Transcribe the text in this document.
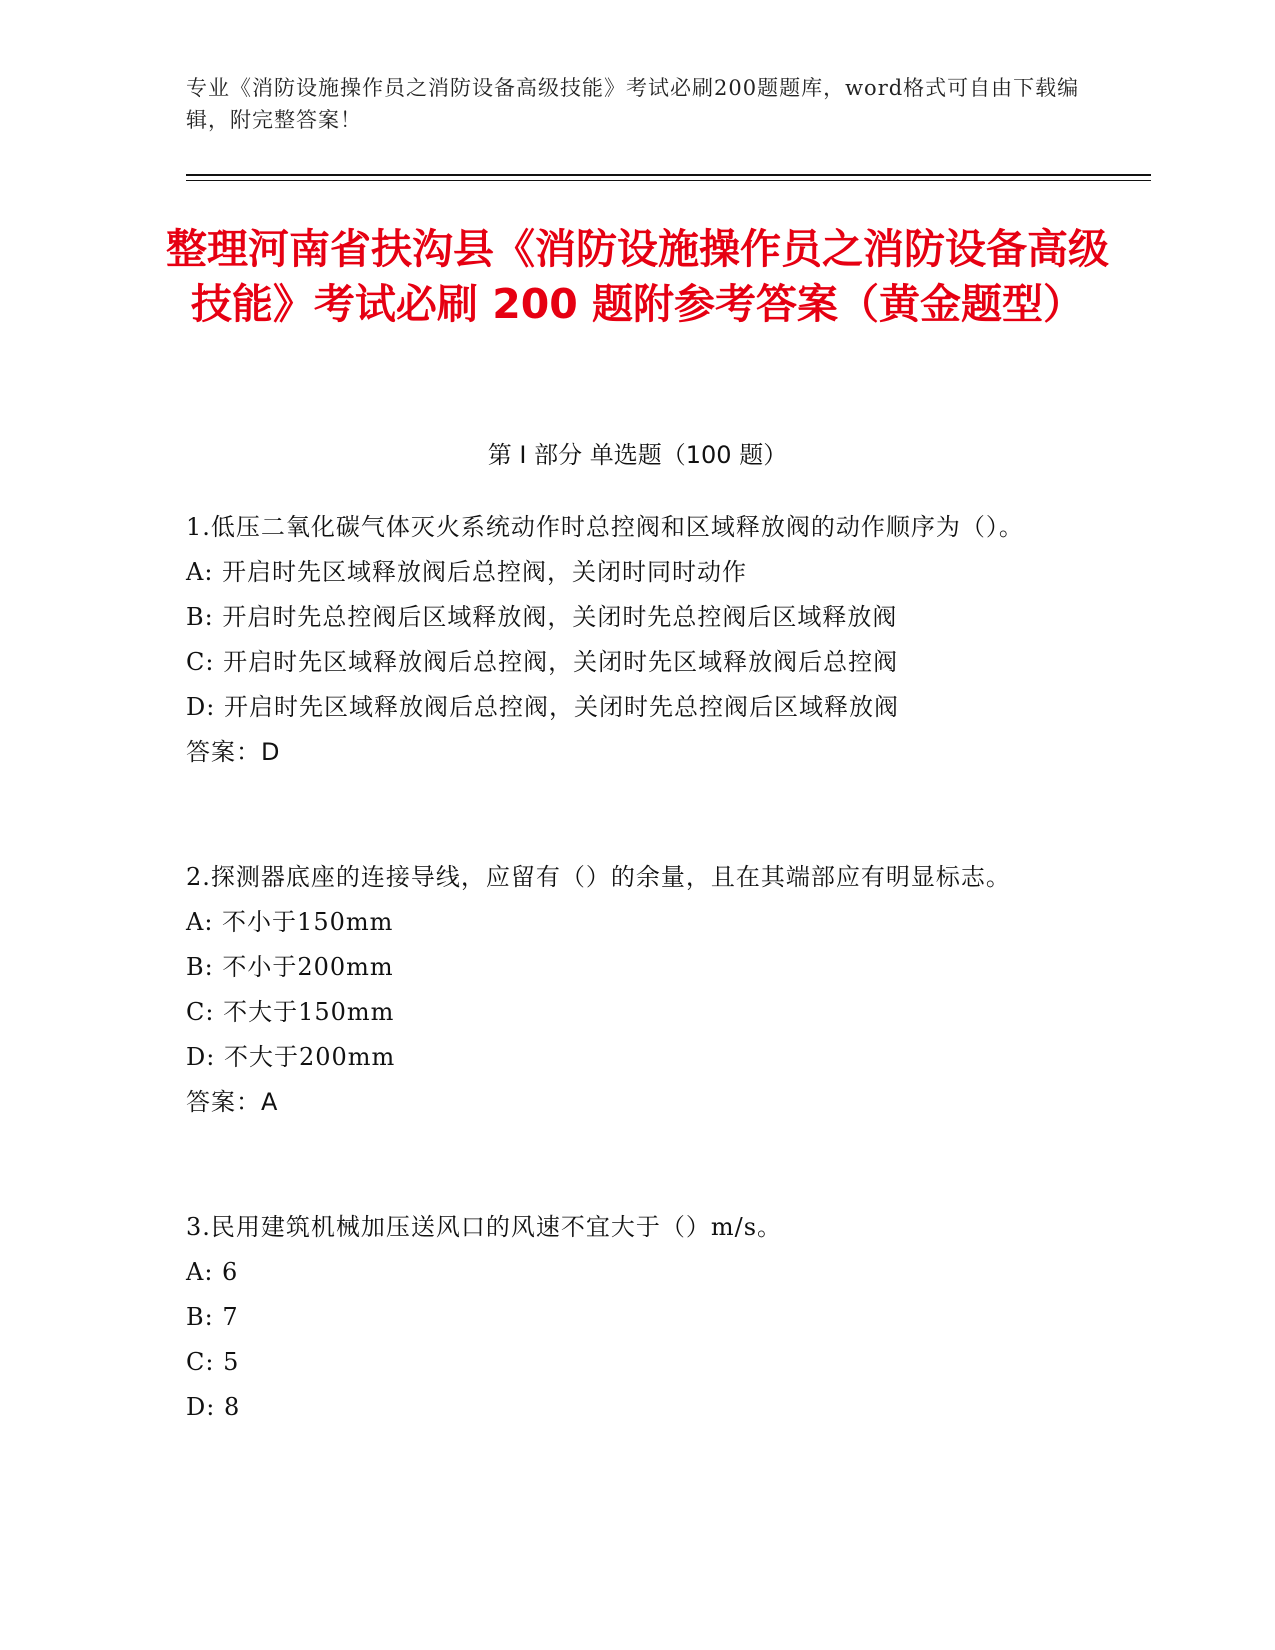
专业《消防设施操作员之消防设备高级技能》考试必刷200题题库，word格式可自由下载编辑，附完整答案！
整理河南省扶沟县《消防设施操作员之消防设备高级技能》考试必刷 200 题附参考答案（黄金题型）
第 I 部分 单选题（100 题）
1.低压二氧化碳气体灭火系统动作时总控阀和区域释放阀的动作顺序为（）。
A: 开启时先区域释放阀后总控阀，关闭时同时动作
B: 开启时先总控阀后区域释放阀，关闭时先总控阀后区域释放阀
C: 开启时先区域释放阀后总控阀，关闭时先区域释放阀后总控阀
D: 开启时先区域释放阀后总控阀，关闭时先总控阀后区域释放阀
答案：D
2.探测器底座的连接导线，应留有（）的余量，且在其端部应有明显标志。
A: 不小于150mm
B: 不小于200mm
C: 不大于150mm
D: 不大于200mm
答案：A
3.民用建筑机械加压送风口的风速不宜大于（）m/s。
A: 6
B: 7
C: 5
D: 8
